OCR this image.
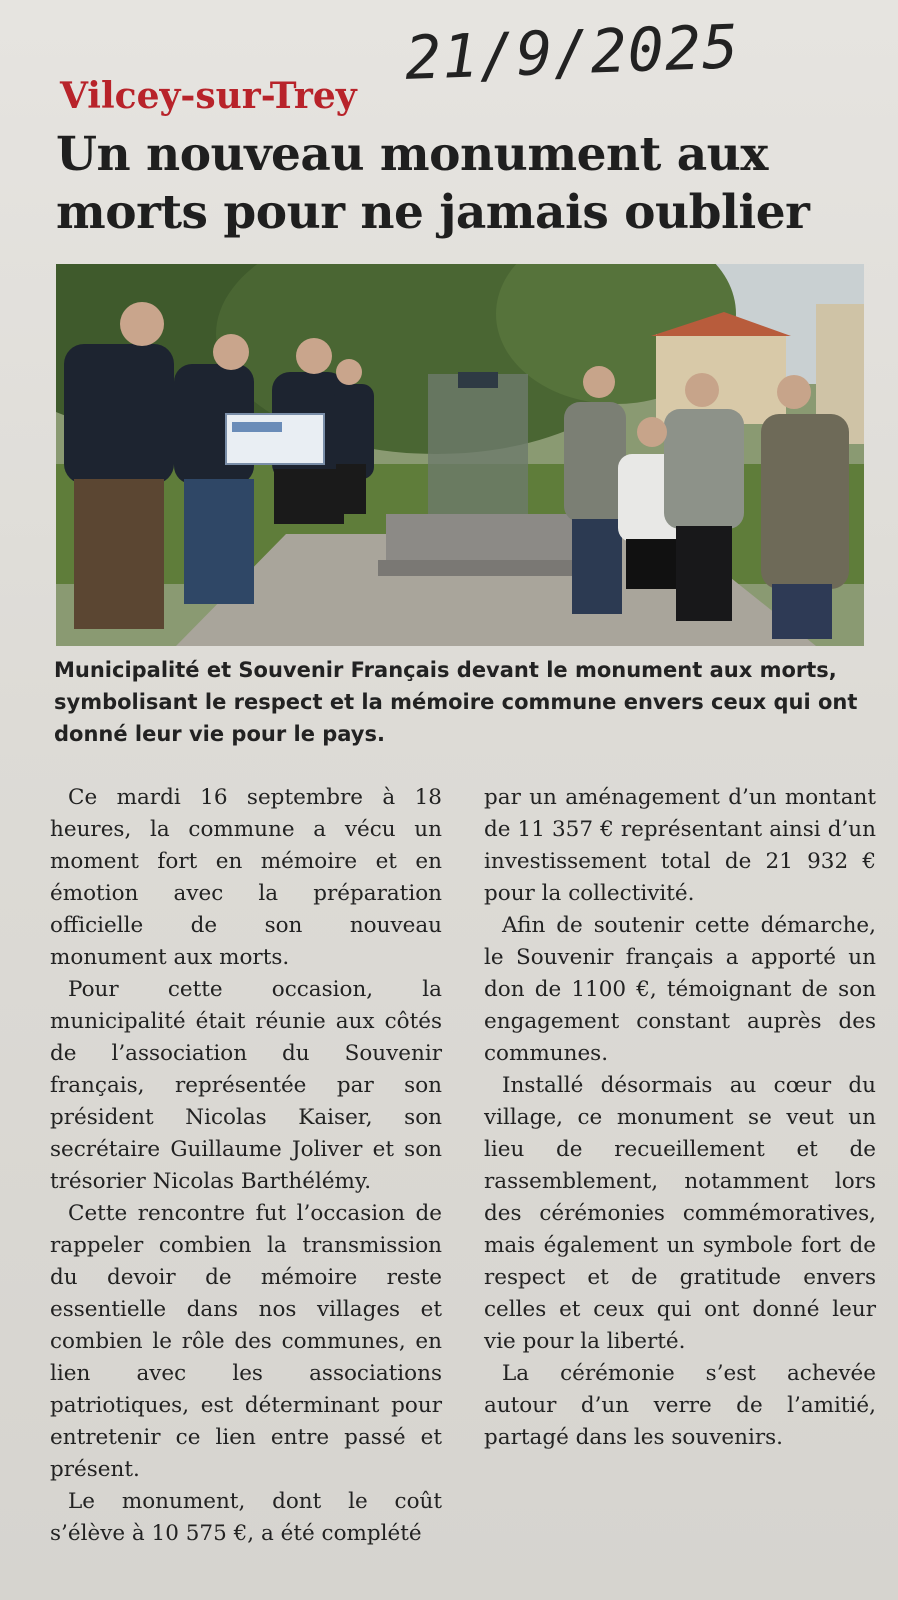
21/9/2025
Vilcey-sur-Trey
Un nouveau monument aux morts pour ne jamais oublier
Municipalité et Souvenir Français devant le monument aux morts, symbolisant le respect et la mémoire commune envers ceux qui ont donné leur vie pour le pays.

Ce mardi 16 septembre à 18 heures, la commune a vécu un moment fort en mémoire et en émotion avec la préparation officielle de son nouveau monument aux morts.

Pour cette occasion, la municipalité était réunie aux côtés de l’association du Souvenir français, représentée par son président Nicolas Kaiser, son secrétaire Guillaume Joliver et son trésorier Nicolas Barthélémy.

Cette rencontre fut l’occasion de rappeler combien la transmission du devoir de mémoire reste essentielle dans nos villages et combien le rôle des communes, en lien avec les associations patriotiques, est déterminant pour entretenir ce lien entre passé et présent.

Le monument, dont le coût s’élève à 10 575 €, a été complété

par un aménagement d’un montant de 11 357 € représentant ainsi d’un investissement total de 21 932 € pour la collectivité.

Afin de soutenir cette démarche, le Souvenir français a apporté un don de 1100 €, témoignant de son engagement constant auprès des communes.

Installé désormais au cœur du village, ce monument se veut un lieu de recueillement et de rassemblement, notamment lors des cérémonies commémoratives, mais également un symbole fort de respect et de gratitude envers celles et ceux qui ont donné leur vie pour la liberté.

La cérémonie s’est achevée autour d’un verre de l’amitié, partagé dans les souvenirs.
